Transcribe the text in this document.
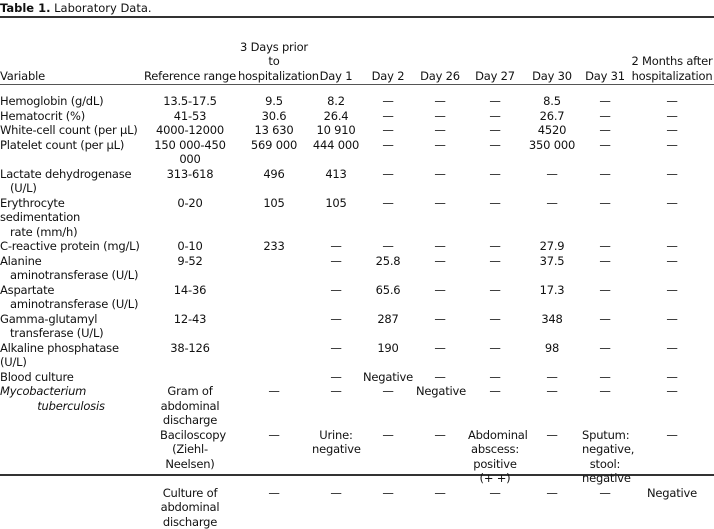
Table 1. Laboratory Data.
Variable	Reference range	3 Days prior to hospitalization	Day 1	Day 2	Day 26	Day 27	Day 30	Day 31	2 Months after hospitalization

Hemoglobin (g/dL)	13.5-17.5	9.5	8.2	—	—	—	8.5	—	—
Hematocrit (%)	41-53	30.6	26.4	—	—	—	26.7	—	—
White-cell count (per µL)	4000-12000	13 630	10 910	—	—	—	4520	—	—
Platelet count (per µL)	150 000-450 000	569 000	444 000	—	—	—	350 000	—	—
Lactate dehydrogenase
(U/L)	313-618	496	413	—	—	—	—	—	—
Erythrocyte sedimentation
rate (mm/h)	0-20	105	105	—	—	—	—	—	—
C-reactive protein (mg/L)	0-10	233	—	—	—	—	27.9	—	—
Alanine
aminotransferase (U/L)	9-52		—	25.8	—	—	37.5	—	—
Aspartate
aminotransferase (U/L)	14-36		—	65.6	—	—	17.3	—	—
Gamma-glutamyl
transferase (U/L)	12-43		—	287	—	—	348	—	—
Alkaline phosphatase (U/L)	38-126		—	190	—	—	98	—	—
Blood culture			—	Negative	—	—	—	—	—

Mycobacterium
tuberculosis	Gram of abdominal discharge	—	—	—	Negative	—	—	—	—
	Baciloscopy (Ziehl-Neelsen)	—	Urine: negative	—	—	Abdominal abscess: positive (+ +)	—	Sputum: negative, stool: negative	—
	Culture of abdominal discharge	—	—	—	—	—	—	—	Negative
